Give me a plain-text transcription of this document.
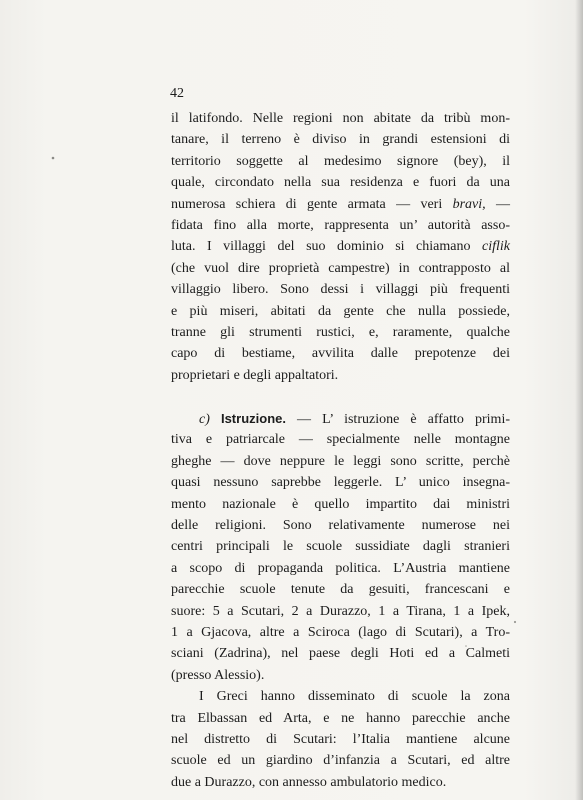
42
il latifondo. Nelle regioni non abitate da tribù mon-
tanare, il terreno è diviso in grandi estensioni di
territorio soggette al medesimo signore (bey), il
quale, circondato nella sua residenza e fuori da una
numerosa schiera di gente armata — veri bravi, —
fidata fino alla morte, rappresenta un’ autorità asso-
luta. I villaggi del suo dominio si chiamano ciflik
(che vuol dire proprietà campestre) in contrapposto al
villaggio libero. Sono dessi i villaggi più frequenti
e più miseri, abitati da gente che nulla possiede,
tranne gli strumenti rustici, e, raramente, qualche
capo di bestiame, avvilita dalle prepotenze dei
proprietari e degli appaltatori.
c) Istruzione. — L’ istruzione è affatto primi-
tiva e patriarcale — specialmente nelle montagne
gheghe — dove neppure le leggi sono scritte, perchè
quasi nessuno saprebbe leggerle. L’ unico insegna-
mento nazionale è quello impartito dai ministri
delle religioni. Sono relativamente numerose nei
centri principali le scuole sussidiate dagli stranieri
a scopo di propaganda politica. L’Austria mantiene
parecchie scuole tenute da gesuiti, francescani e
suore: 5 a Scutari, 2 a Durazzo, 1 a Tirana, 1 a Ipek,
1 a Gjacova, altre a Sciroca (lago di Scutari), a Tro-
sciani (Zadrina), nel paese degli Hoti ed a Calmeti
(presso Alessio).
I Greci hanno disseminato di scuole la zona
tra Elbassan ed Arta, e ne hanno parecchie anche
nel distretto di Scutari: l’Italia mantiene alcune
scuole ed un giardino d’infanzia a Scutari, ed altre
due a Durazzo, con annesso ambulatorio medico.
